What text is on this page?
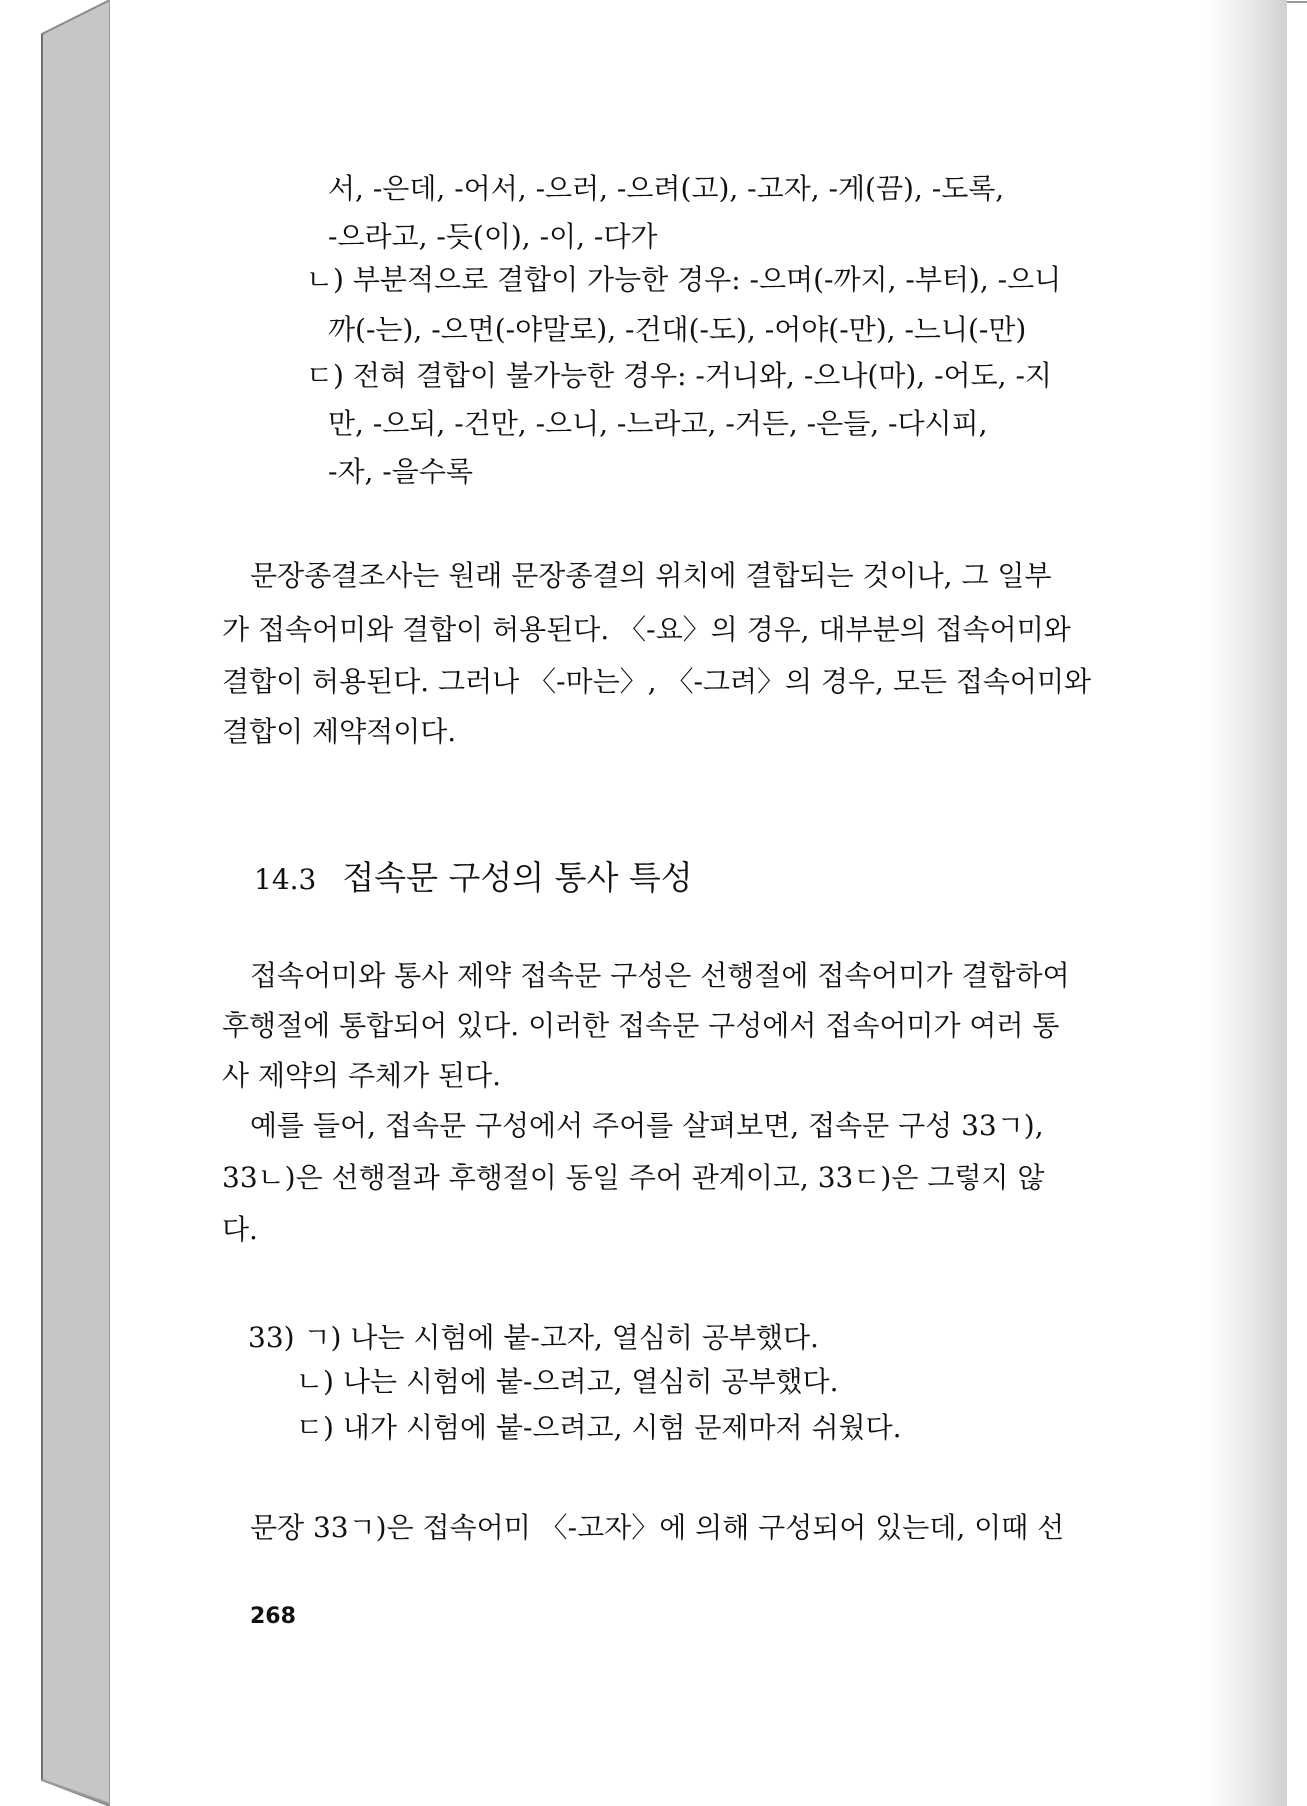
서, -은데, -어서, -으러, -으려(고), -고자, -게(끔), -도록,
-으라고, -듯(이), -이, -다가
ㄴ) 부분적으로 결합이 가능한 경우: -으며(-까지, -부터), -으니
까(-는), -으면(-야말로), -건대(-도), -어야(-만), -느니(-만)
ㄷ) 전혀 결합이 불가능한 경우: -거니와, -으나(마), -어도, -지
만, -으되, -건만, -으니, -느라고, -거든, -은들, -다시피,
-자, -을수록
문장종결조사는 원래 문장종결의 위치에 결합되는 것이나, 그 일부
가 접속어미와 결합이 허용된다. 〈-요〉의 경우, 대부분의 접속어미와
결합이 허용된다. 그러나 〈-마는〉, 〈-그려〉의 경우, 모든 접속어미와
결합이 제약적이다.
14.3 접속문 구성의 통사 특성
접속어미와 통사 제약 접속문 구성은 선행절에 접속어미가 결합하여
후행절에 통합되어 있다. 이러한 접속문 구성에서 접속어미가 여러 통
사 제약의 주체가 된다.
예를 들어, 접속문 구성에서 주어를 살펴보면, 접속문 구성 33ㄱ),
33ㄴ)은 선행절과 후행절이 동일 주어 관계이고, 33ㄷ)은 그렇지 않
다.
33) ㄱ) 나는 시험에 붙-고자, 열심히 공부했다.
ㄴ) 나는 시험에 붙-으려고, 열심히 공부했다.
ㄷ) 내가 시험에 붙-으려고, 시험 문제마저 쉬웠다.
문장 33ㄱ)은 접속어미 〈-고자〉에 의해 구성되어 있는데, 이때 선
268
